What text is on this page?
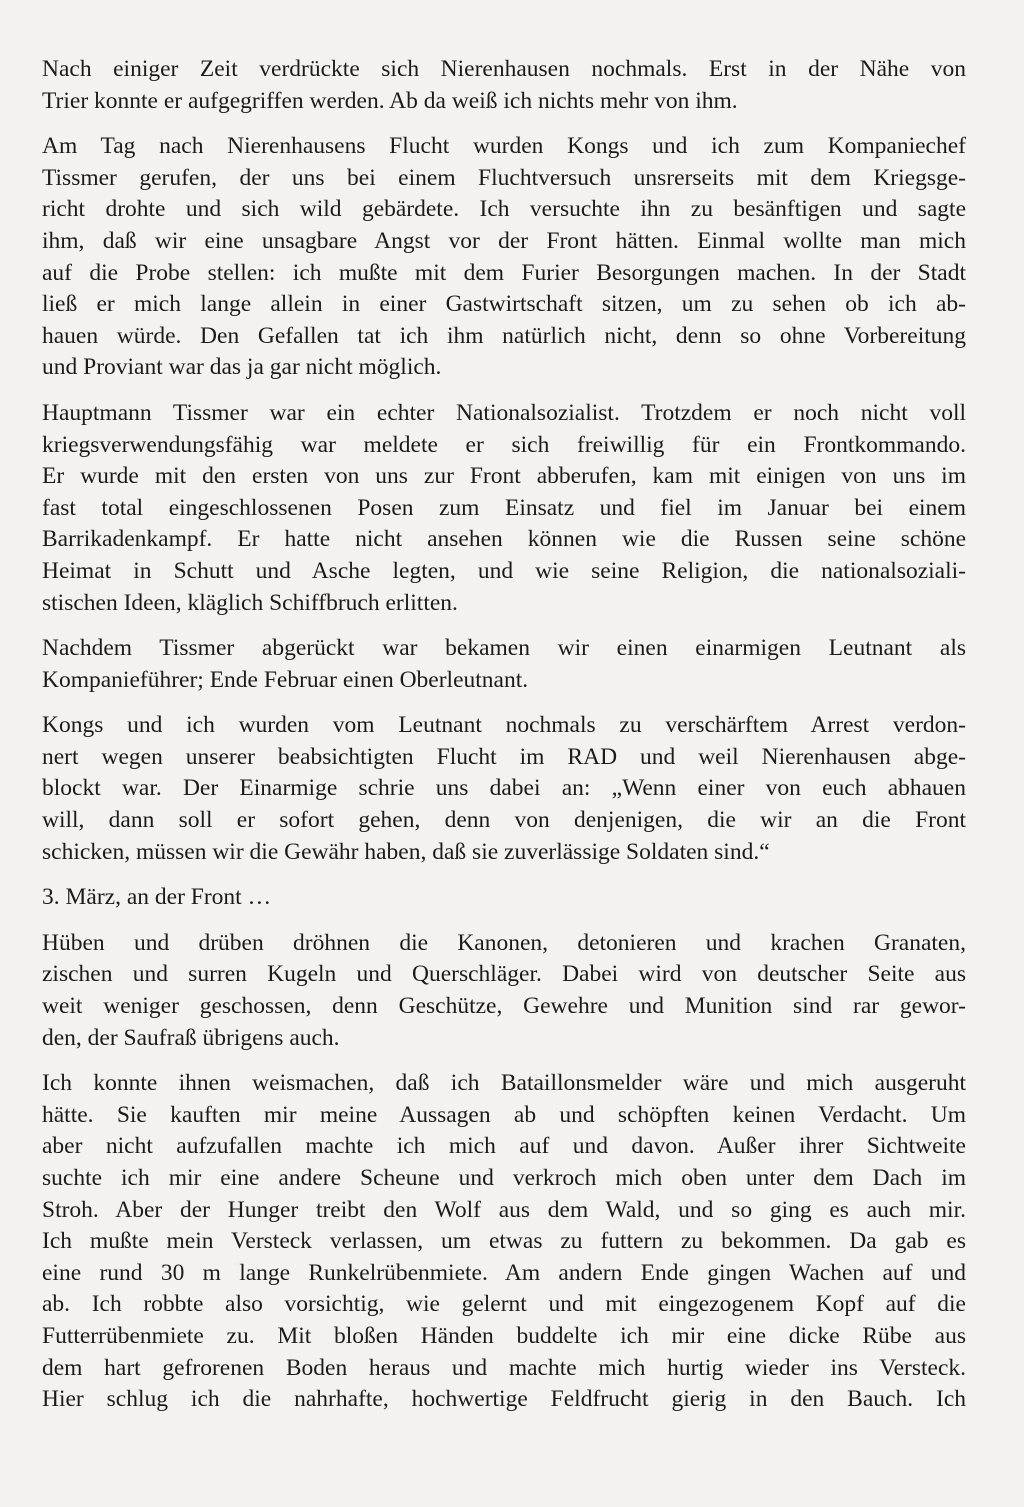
Nach einiger Zeit verdrückte sich Nierenhausen nochmals. Erst in der Nähe von
Trier konnte er aufgegriffen werden. Ab da weiß ich nichts mehr von ihm.
Am Tag nach Nierenhausens Flucht wurden Kongs und ich zum Kompaniechef
Tissmer gerufen, der uns bei einem Fluchtversuch unsrerseits mit dem Kriegsge-
richt drohte und sich wild gebärdete. Ich versuchte ihn zu besänftigen und sagte
ihm, daß wir eine unsagbare Angst vor der Front hätten. Einmal wollte man mich
auf die Probe stellen: ich mußte mit dem Furier Besorgungen machen. In der Stadt
ließ er mich lange allein in einer Gastwirtschaft sitzen, um zu sehen ob ich ab-
hauen würde. Den Gefallen tat ich ihm natürlich nicht, denn so ohne Vorbereitung
und Proviant war das ja gar nicht möglich.
Hauptmann Tissmer war ein echter Nationalsozialist. Trotzdem er noch nicht voll
kriegsverwendungsfähig war meldete er sich freiwillig für ein Frontkommando.
Er wurde mit den ersten von uns zur Front abberufen, kam mit einigen von uns im
fast total eingeschlossenen Posen zum Einsatz und fiel im Januar bei einem
Barrikadenkampf. Er hatte nicht ansehen können wie die Russen seine schöne
Heimat in Schutt und Asche legten, und wie seine Religion, die nationalsoziali-
stischen Ideen, kläglich Schiffbruch erlitten.
Nachdem Tissmer abgerückt war bekamen wir einen einarmigen Leutnant als
Kompanieführer; Ende Februar einen Oberleutnant.
Kongs und ich wurden vom Leutnant nochmals zu verschärftem Arrest verdon-
nert wegen unserer beabsichtigten Flucht im RAD und weil Nierenhausen abge-
blockt war. Der Einarmige schrie uns dabei an: „Wenn einer von euch abhauen
will, dann soll er sofort gehen, denn von denjenigen, die wir an die Front
schicken, müssen wir die Gewähr haben, daß sie zuverlässige Soldaten sind.“
3. März, an der Front …
Hüben und drüben dröhnen die Kanonen, detonieren und krachen Granaten,
zischen und surren Kugeln und Querschläger. Dabei wird von deutscher Seite aus
weit weniger geschossen, denn Geschütze, Gewehre und Munition sind rar gewor-
den, der Saufraß übrigens auch.
Ich konnte ihnen weismachen, daß ich Bataillonsmelder wäre und mich ausgeruht
hätte. Sie kauften mir meine Aussagen ab und schöpften keinen Verdacht. Um
aber nicht aufzufallen machte ich mich auf und davon. Außer ihrer Sichtweite
suchte ich mir eine andere Scheune und verkroch mich oben unter dem Dach im
Stroh. Aber der Hunger treibt den Wolf aus dem Wald, und so ging es auch mir.
Ich mußte mein Versteck verlassen, um etwas zu futtern zu bekommen. Da gab es
eine rund 30 m lange Runkelrübenmiete. Am andern Ende gingen Wachen auf und
ab. Ich robbte also vorsichtig, wie gelernt und mit eingezogenem Kopf auf die
Futterrübenmiete zu. Mit bloßen Händen buddelte ich mir eine dicke Rübe aus
dem hart gefrorenen Boden heraus und machte mich hurtig wieder ins Versteck.
Hier schlug ich die nahrhafte, hochwertige Feldfrucht gierig in den Bauch. Ich
